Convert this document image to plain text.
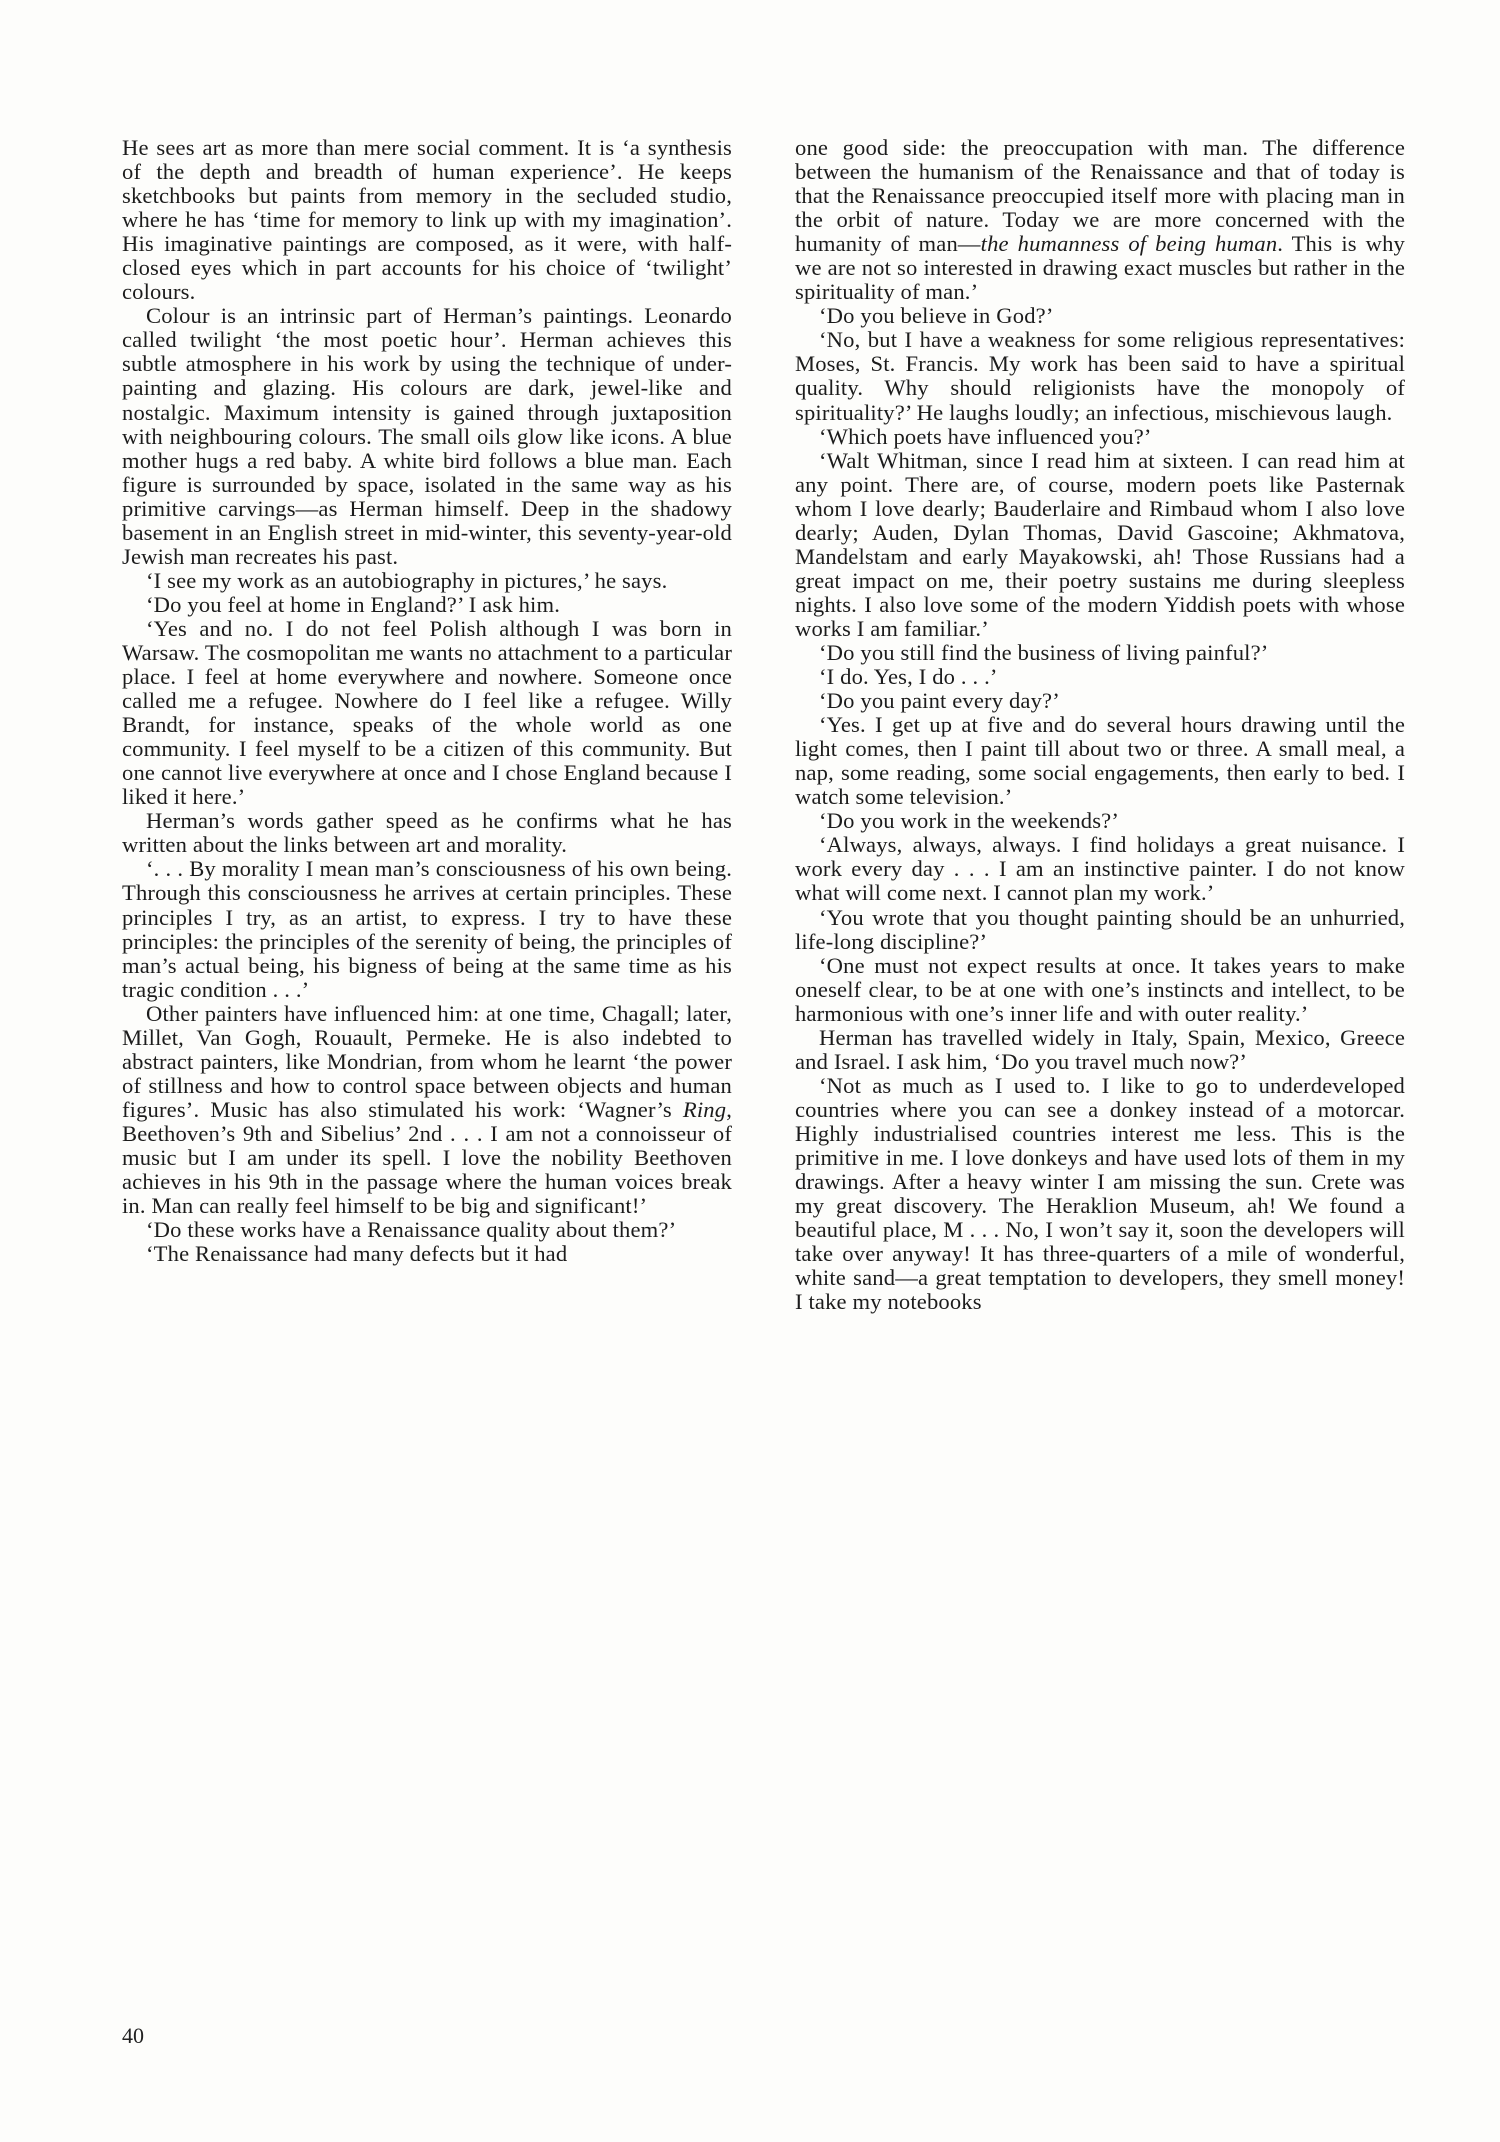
He sees art as more than mere social comment. It is ‘a synthesis of the depth and breadth of human experience’. He keeps sketchbooks but paints from memory in the secluded studio, where he has ‘time for memory to link up with my imagination’. His imaginative paintings are composed, as it were, with half-closed eyes which in part accounts for his choice of ‘twilight’ colours.

Colour is an intrinsic part of Herman’s paintings. Leonardo called twilight ‘the most poetic hour’. Herman achieves this subtle atmosphere in his work by using the technique of under-painting and glazing. His colours are dark, jewel-like and nostalgic. Maximum intensity is gained through juxtaposition with neighbouring colours. The small oils glow like icons. A blue mother hugs a red baby. A white bird follows a blue man. Each figure is surrounded by space, isolated in the same way as his primitive carvings—as Herman himself. Deep in the shadowy basement in an English street in mid-winter, this seventy-year-old Jewish man recreates his past.

‘I see my work as an autobiography in pictures,’ he says.

‘Do you feel at home in England?’ I ask him.

‘Yes and no. I do not feel Polish although I was born in Warsaw. The cosmopolitan me wants no attachment to a particular place. I feel at home everywhere and nowhere. Someone once called me a refugee. Nowhere do I feel like a refugee. Willy Brandt, for instance, speaks of the whole world as one community. I feel myself to be a citizen of this community. But one cannot live everywhere at once and I chose England because I liked it here.’

Herman’s words gather speed as he confirms what he has written about the links between art and morality.

‘. . . By morality I mean man’s consciousness of his own being. Through this consciousness he arrives at certain principles. These principles I try, as an artist, to express. I try to have these principles: the principles of the serenity of being, the principles of man’s actual being, his bigness of being at the same time as his tragic condition . . .’

Other painters have influenced him: at one time, Chagall; later, Millet, Van Gogh, Rouault, Permeke. He is also indebted to abstract painters, like Mondrian, from whom he learnt ‘the power of stillness and how to control space between objects and human figures’. Music has also stimulated his work: ‘Wagner’s Ring, Beethoven’s 9th and Sibelius’ 2nd . . . I am not a connoisseur of music but I am under its spell. I love the nobility Beethoven achieves in his 9th in the passage where the human voices break in. Man can really feel himself to be big and significant!’

‘Do these works have a Renaissance quality about them?’

‘The Renaissance had many defects but it had

one good side: the preoccupation with man. The difference between the humanism of the Renaissance and that of today is that the Renaissance preoccupied itself more with placing man in the orbit of nature. Today we are more concerned with the humanity of man—the humanness of being human. This is why we are not so interested in drawing exact muscles but rather in the spirituality of man.’

‘Do you believe in God?’

‘No, but I have a weakness for some religious representatives: Moses, St. Francis. My work has been said to have a spiritual quality. Why should religionists have the monopoly of spirituality?’ He laughs loudly; an infectious, mischievous laugh.

‘Which poets have influenced you?’

‘Walt Whitman, since I read him at sixteen. I can read him at any point. There are, of course, modern poets like Pasternak whom I love dearly; Bauderlaire and Rimbaud whom I also love dearly; Auden, Dylan Thomas, David Gascoine; Akhmatova, Mandelstam and early Mayakowski, ah! Those Russians had a great impact on me, their poetry sustains me during sleepless nights. I also love some of the modern Yiddish poets with whose works I am familiar.’

‘Do you still find the business of living painful?’

‘I do. Yes, I do . . .’

‘Do you paint every day?’

‘Yes. I get up at five and do several hours drawing until the light comes, then I paint till about two or three. A small meal, a nap, some reading, some social engagements, then early to bed. I watch some television.’

‘Do you work in the weekends?’

‘Always, always, always. I find holidays a great nuisance. I work every day . . . I am an instinctive painter. I do not know what will come next. I cannot plan my work.’

‘You wrote that you thought painting should be an unhurried, life-long discipline?’

‘One must not expect results at once. It takes years to make oneself clear, to be at one with one’s instincts and intellect, to be harmonious with one’s inner life and with outer reality.’

Herman has travelled widely in Italy, Spain, Mexico, Greece and Israel. I ask him, ‘Do you travel much now?’

‘Not as much as I used to. I like to go to underdeveloped countries where you can see a donkey instead of a motorcar. Highly industrialised countries interest me less. This is the primitive in me. I love donkeys and have used lots of them in my drawings. After a heavy winter I am missing the sun. Crete was my great discovery. The Heraklion Museum, ah! We found a beautiful place, M . . . No, I won’t say it, soon the developers will take over anyway! It has three-quarters of a mile of wonderful, white sand—a great temptation to developers, they smell money! I take my notebooks

40
